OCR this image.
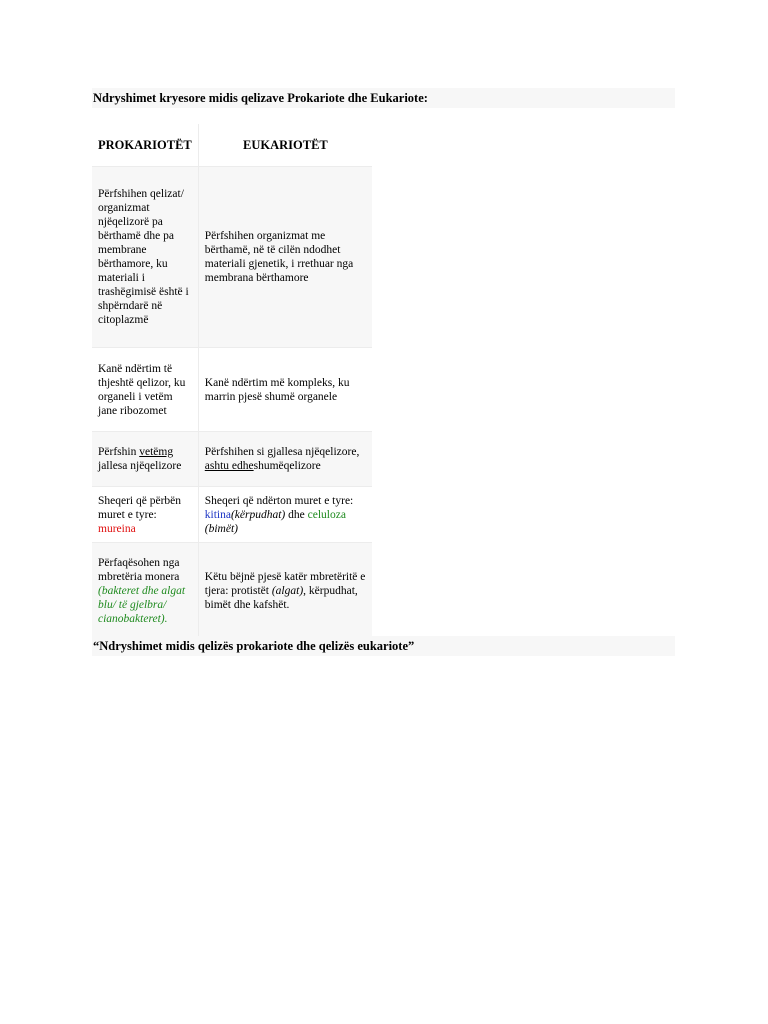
Ndryshimet kryesore midis qelizave Prokariote dhe Eukariote:
PROKARIOTËT	EUKARIOTËT
Përfshihen qelizat/ organizmat njëqelizorë pa bërthamë dhe pa membrane bërthamore, ku materiali i trashëgimisë është i shpërndarë në citoplazmë	Përfshihen organizmat me bërthamë, në të cilën ndodhet materiali gjenetik, i rrethuar nga membrana bërthamore
Kanë ndërtim të thjeshtë qelizor, ku organeli i vetëm jane ribozomet	Kanë ndërtim më kompleks, ku marrin pjesë shumë organele
Përfshin vetëmg jallesa njëqelizore	Përfshihen si gjallesa njëqelizore, ashtu edheshumëqelizore
Sheqeri që përbën muret e tyre: mureina	Sheqeri që ndërton muret e tyre: kitina(kërpudhat) dhe celuloza (bimët)
Përfaqësohen nga mbretëria monera (bakteret dhe algat blu/ të gjelbra/ cianobakteret).	Këtu bëjnë pjesë katër mbretëritë e tjera: protistët (algat), kërpudhat, bimët dhe kafshët.
“Ndryshimet midis qelizës prokariote dhe qelizës eukariote”
